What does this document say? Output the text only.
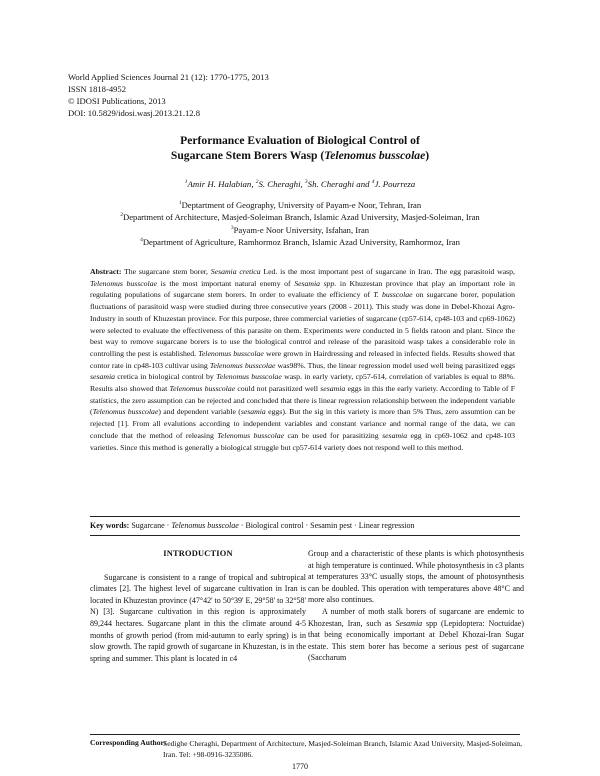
World Applied Sciences Journal 21 (12): 1770-1775, 2013
ISSN 1818-4952
© IDOSI Publications, 2013
DOI: 10.5829/idosi.wasj.2013.21.12.8
Performance Evaluation of Biological Control of
Sugarcane Stem Borers Wasp (Telenomus busscolae)
$^1$Amir H. Halabian, $^2$S. Cheraghi, $^3$Sh. Cheraghi and $^4$J. Pourreza
$^1$Deptartment of Geography, University of Payam-e Noor, Tehran, Iran
$^2$Department of Architecture, Masjed-Soleiman Branch, Islamic Azad University, Masjed-Soleiman, Iran
$^3$Payam-e Noor University, Isfahan, Iran
$^4$Department of Agriculture, Ramhormoz Branch, Islamic Azad University, Ramhormoz, Iran
Abstract: The sugarcane stem borer, Sesamia cretica Led. is the most important pest of sugarcane in Iran. The egg parasitoid wasp, Telenomus busscolae is the most important natural enemy of Sesamia spp. in Khuzestan province that play an important role in regulating populations of sugarcane stem borers. In order to evaluate the efficiency of T. busscolae on sugarcane borer, population fluctuations of parasitoid wasp were studied during three consecutive years (2008 - 2011). This study was done in Debel-Khozai Agro-Industry in south of Khuzestan province. For this purpose, three commercial varieties of sugarcane (cp57-614, cp48-103 and cp69-1062) were selected to evaluate the effectiveness of this parasite on them. Experiments were conducted in 5 fields ratoon and plant. Since the best way to remove sugarcane borers is to use the biological control and release of the parasitoid wasp takes a considerable role in controlling the pest is established. Telenomus busscolae were grown in Hairdressing and released in infected fields. Results showed that contor rate in cp48-103 cultivar using Telenomus busscolae was98%. Thus, the linear regression model used well being parasitized eggs sesamia cretica in biological control by Telenomus busscolae wasp. in early variety, cp57-614, correlation of variables is equal to 88%. Results also showed that Telenomus busscolae could not parasitized well sesamia eggs in this the early variety. According to Table of F statistics, the zero assumption can be rejected and concluded that there is linear regression relationship between the independent variable (Telenomus busscolae) and dependent variable (sesamia eggs). But the sig in this variety is more than 5% Thus, zero assumtion can be rejected [1]. From all evalutions according to independent variables and constant variance and normal range of the data, we can conclude that the method of releasing Telenomus busscolae can be used for parasitizing sesamia egg in cp69-1062 and cp48-103 varieties. Since this method is generally a biological struggle but cp57-614 variety does not respond well to this method.
Key words: Sugarcane · Telenomus busscolae · Biological control · Sesamin pest · Linear regression
INTRODUCTION

Sugarcane is consistent to a range of tropical and subtropical climates [2]. The highest level of sugarcane cultivation in Iran is located in Khuzestan province (47°42' to 50°39' E, 29°58' to 32°58' N) [3]. Sugarcane cultivation in this region is approximately 89,244 hectares. Sugarcane plant in this the climate around 4-5 months of growth period (from mid-autumn to early spring) is in slow growth. The rapid growth of sugarcane in Khuzestan, is in the spring and summer. This plant is located in c4

Group and a characteristic of these plants is which photosynthesis at high temperature is continued. While photosynthesis in c3 plants at temperatures 33°C usually stops, the amount of photosynthesis can be doubled. This operation with temperatures above 48°C and more also continues.

A number of moth stalk borers of sugarcane are endemic to Khozestan, Iran, such as Sesamia spp (Lepidoptera: Noctuidae) that being economically important at Debel Khozai-Iran Sugar estate. This stem borer has become a serious pest of sugarcane (Saccharum

Corresponding Author:
Sedighe Cheraghi, Department of Architecture, Masjed-Soleiman Branch, Islamic Azad University, Masjed-Soleiman, Iran. Tel: +98-0916-3235086.
1770
